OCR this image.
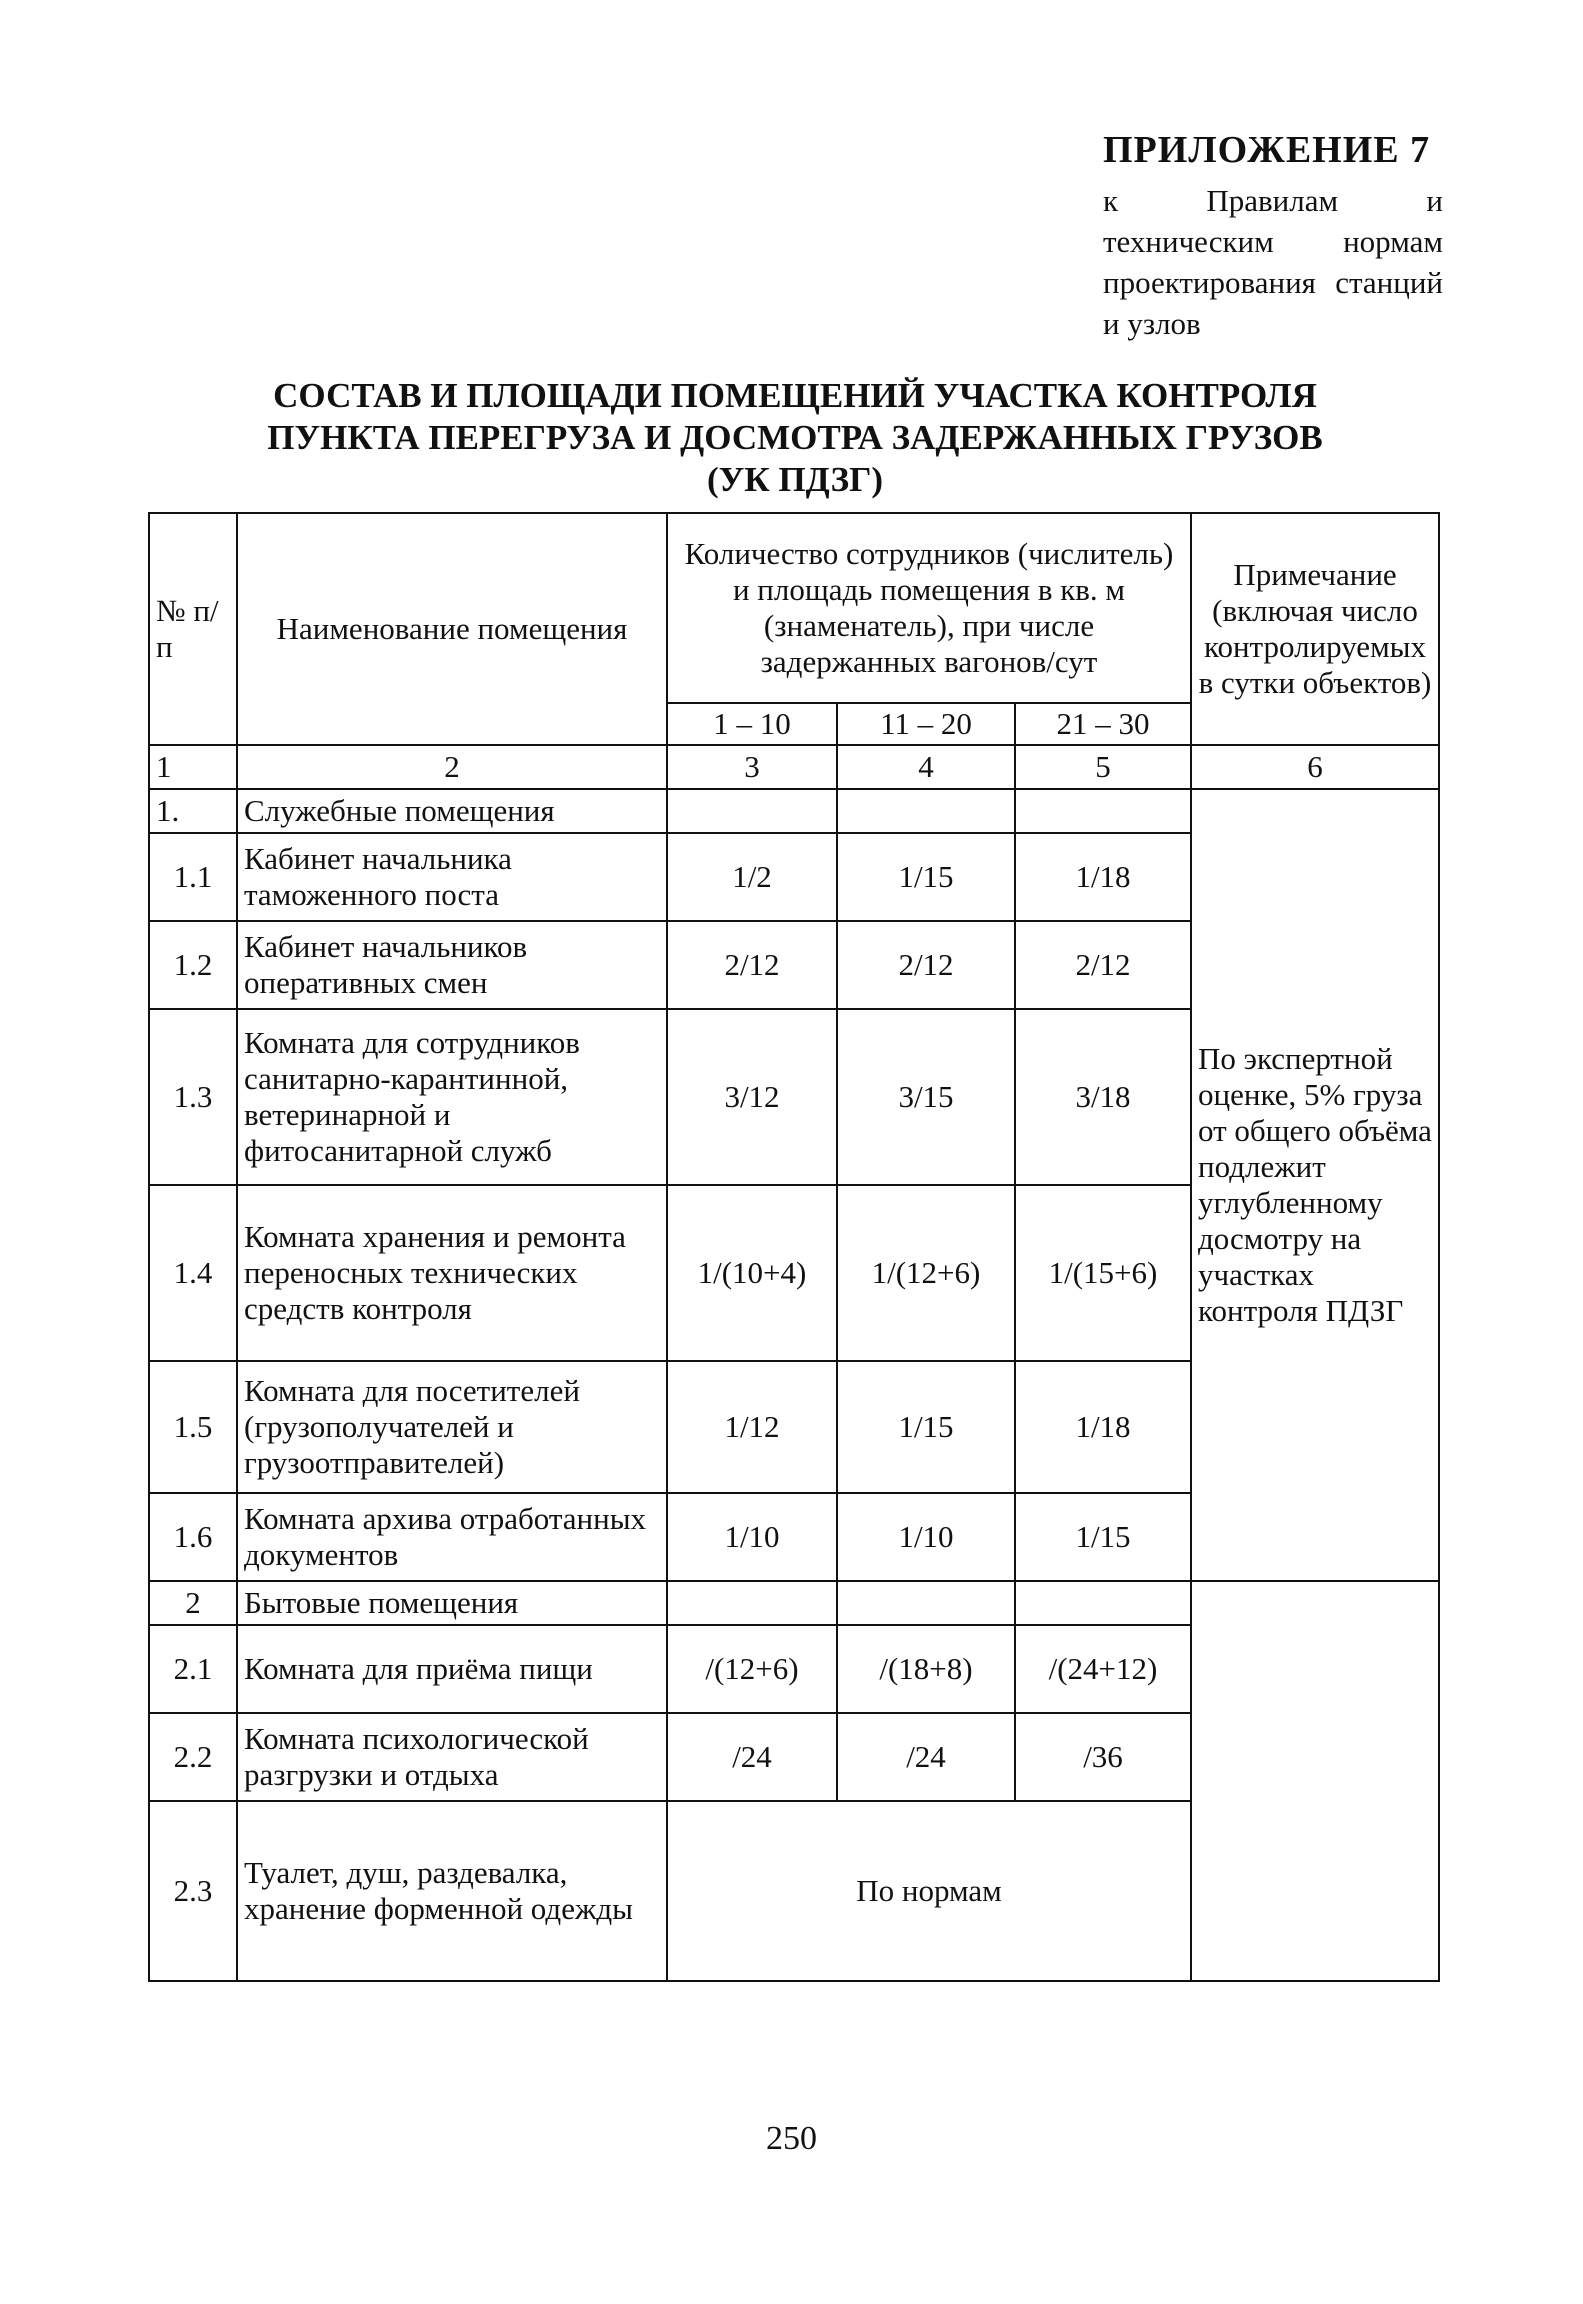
ПРИЛОЖЕНИЕ 7
к Правилам и техническим нормам проектирования станций и узлов
СОСТАВ И ПЛОЩАДИ ПОМЕЩЕНИЙ УЧАСТКА КОНТРОЛЯ
ПУНКТА ПЕРЕГРУЗА И ДОСМОТРА ЗАДЕРЖАННЫХ ГРУЗОВ
(УК ПДЗГ)
№ п/п	Наименование помещения	Количество сотрудников (числитель) и площадь помещения в кв. м (знаменатель), при числе задержанных вагонов/сут			Примечание (включая число контролируемых в сутки объектов)
		1 – 10	11 – 20	21 – 30	
1	2	3	4	5	6
1.	Служебные помещения				По экспертной оценке, 5% груза от общего объёма подлежит углубленному досмотру на участках контроля ПДЗГ
1.1	Кабинет начальника таможенного поста	1/2	1/15	1/18	
1.2	Кабинет начальников оперативных смен	2/12	2/12	2/12	
1.3	Комната для сотрудников санитарно-карантинной, ветеринарной и фитосанитарной служб	3/12	3/15	3/18	
1.4	Комната хранения и ремонта переносных технических средств контроля	1/(10+4)	1/(12+6)	1/(15+6)	
1.5	Комната для посетителей (грузополучателей и грузоотправителей)	1/12	1/15	1/18	
1.6	Комната архива отработанных документов	1/10	1/10	1/15	
2	Бытовые помещения				
2.1	Комната для приёма пищи	/(12+6)	/(18+8)	/(24+12)	
2.2	Комната психологической разгрузки и отдыха	/24	/24	/36	
2.3	Туалет, душ, раздевалка, хранение форменной одежды	По нормам			
250
